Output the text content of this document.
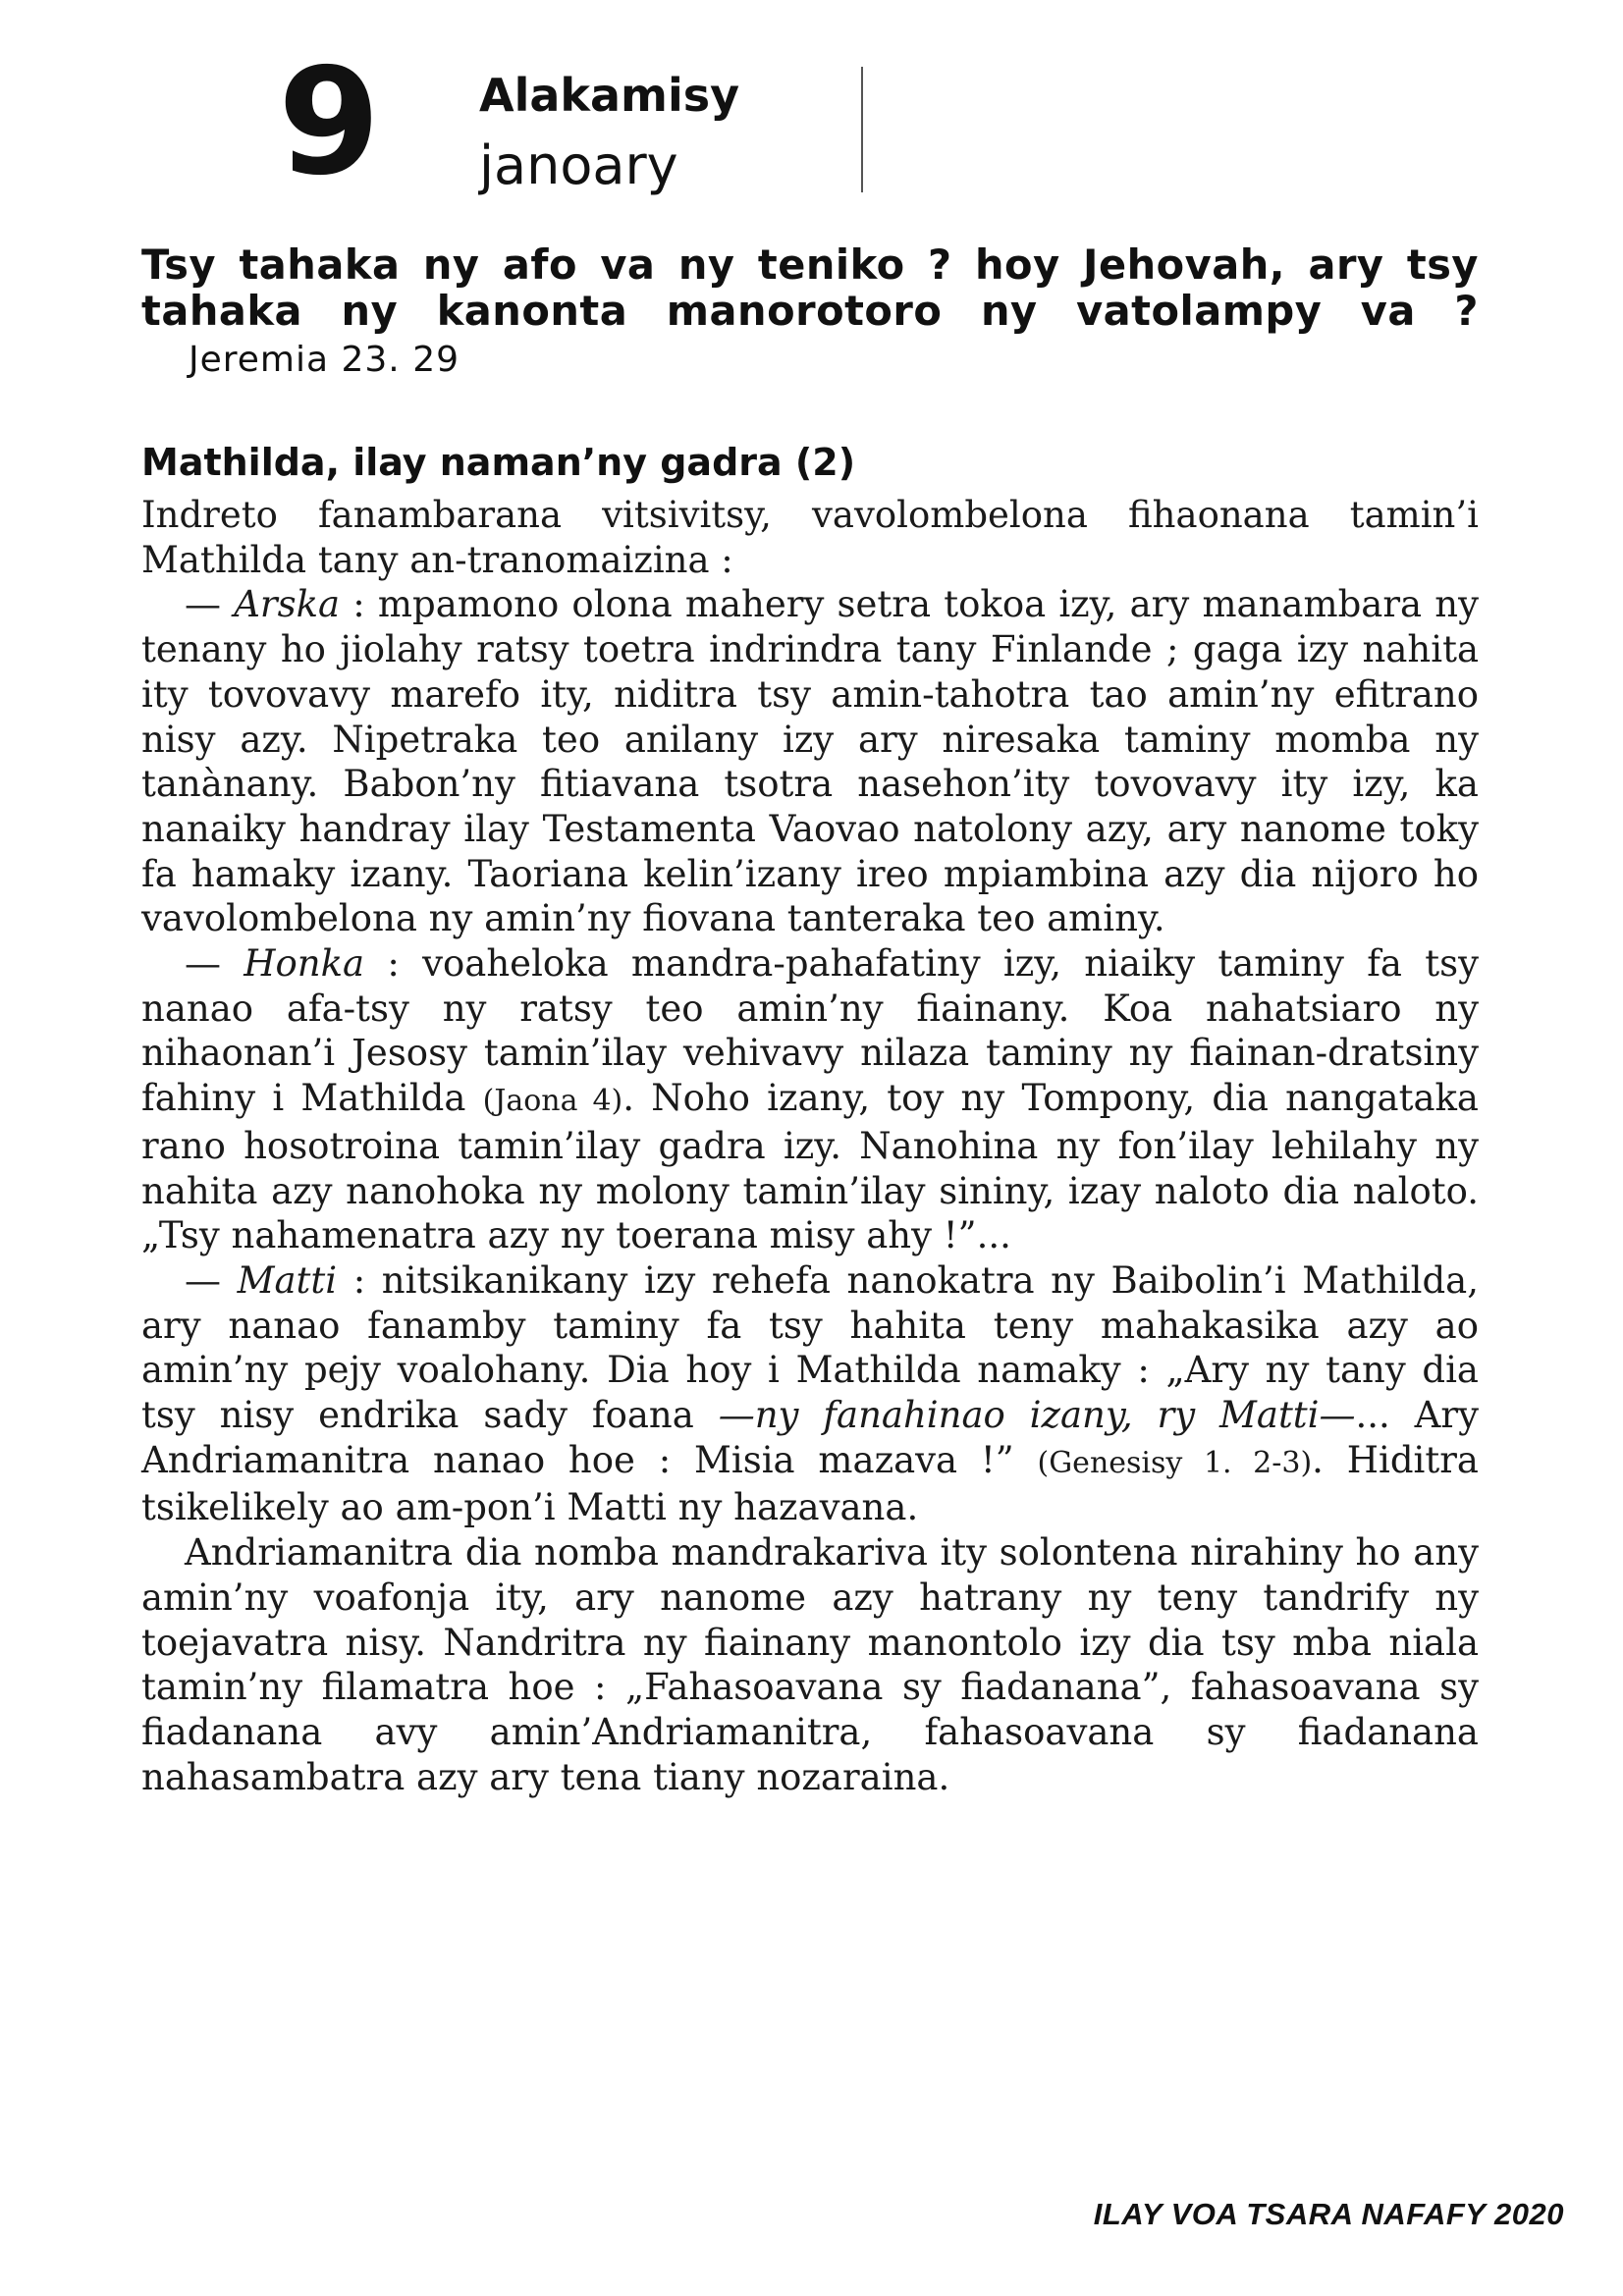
9 Alakamisy
janoary
Tsy tahaka ny afo va ny teniko ? hoy Jehovah, ary tsy tahaka ny kanonta manorotoro ny vatolampy va ?Jeremia 23. 29
Mathilda, ilay naman’ny gadra (2)

Indreto fanambarana vitsivitsy, vavolombelona fihaonana tamin’i Mathilda tany an-tranomaizina :

— Arska : mpamono olona mahery setra tokoa izy, ary manambara ny tenany ho jiolahy ratsy toetra indrindra tany Finlande ; gaga izy nahita ity tovovavy marefo ity, niditra tsy amin-tahotra tao amin’ny efitrano nisy azy. Nipetraka teo anilany izy ary niresaka taminy momba ny tanànany. Babon’ny fitiavana tsotra nasehon’ity tovovavy ity izy, ka nanaiky handray ilay Testamenta Vaovao natolony azy, ary nanome toky fa hamaky izany. Taoriana kelin’izany ireo mpiambina azy dia nijoro ho vavolombelona ny amin’ny fiovana tanteraka teo aminy.

— Honka : voaheloka mandra-pahafatiny izy, niaiky taminy fa tsy nanao afa-tsy ny ratsy teo amin’ny fiainany. Koa nahatsiaro ny nihaonan’i Jesosy tamin’ilay vehivavy nilaza taminy ny fiainan-dratsiny fahiny i Mathilda (Jaona 4). Noho izany, toy ny Tompony, dia nangataka rano hosotroina tamin’ilay gadra izy. Nanohina ny fon’ilay lehilahy ny nahita azy nanohoka ny molony tamin’ilay sininy, izay naloto dia naloto. „Tsy nahamenatra azy ny toerana misy ahy !”...

— Matti : nitsikanikany izy rehefa nanokatra ny Baibolin’i Mathilda, ary nanao fanamby taminy fa tsy hahita teny mahakasika azy ao amin’ny pejy voalohany. Dia hoy i Mathilda namaky : „Ary ny tany dia tsy nisy endrika sady foana —ny fanahinao izany, ry Matti—... Ary Andriamanitra nanao hoe : Misia mazava !” (Genesisy 1. 2-3). Hiditra tsikelikely ao am-pon’i Matti ny hazavana.

Andriamanitra dia nomba mandrakariva ity solontena nirahiny ho any amin’ny voafonja ity, ary nanome azy hatrany ny teny tandrify ny toejavatra nisy. Nandritra ny fiainany manontolo izy dia tsy mba niala tamin’ny filamatra hoe : „Fahasoavana sy fiadanana”, fahasoavana sy fiadanana avy amin’Andriamanitra, fahasoavana sy fiadanana nahasambatra azy ary tena tiany nozaraina.

ILAY VOA TSARA NAFAFY 2020
